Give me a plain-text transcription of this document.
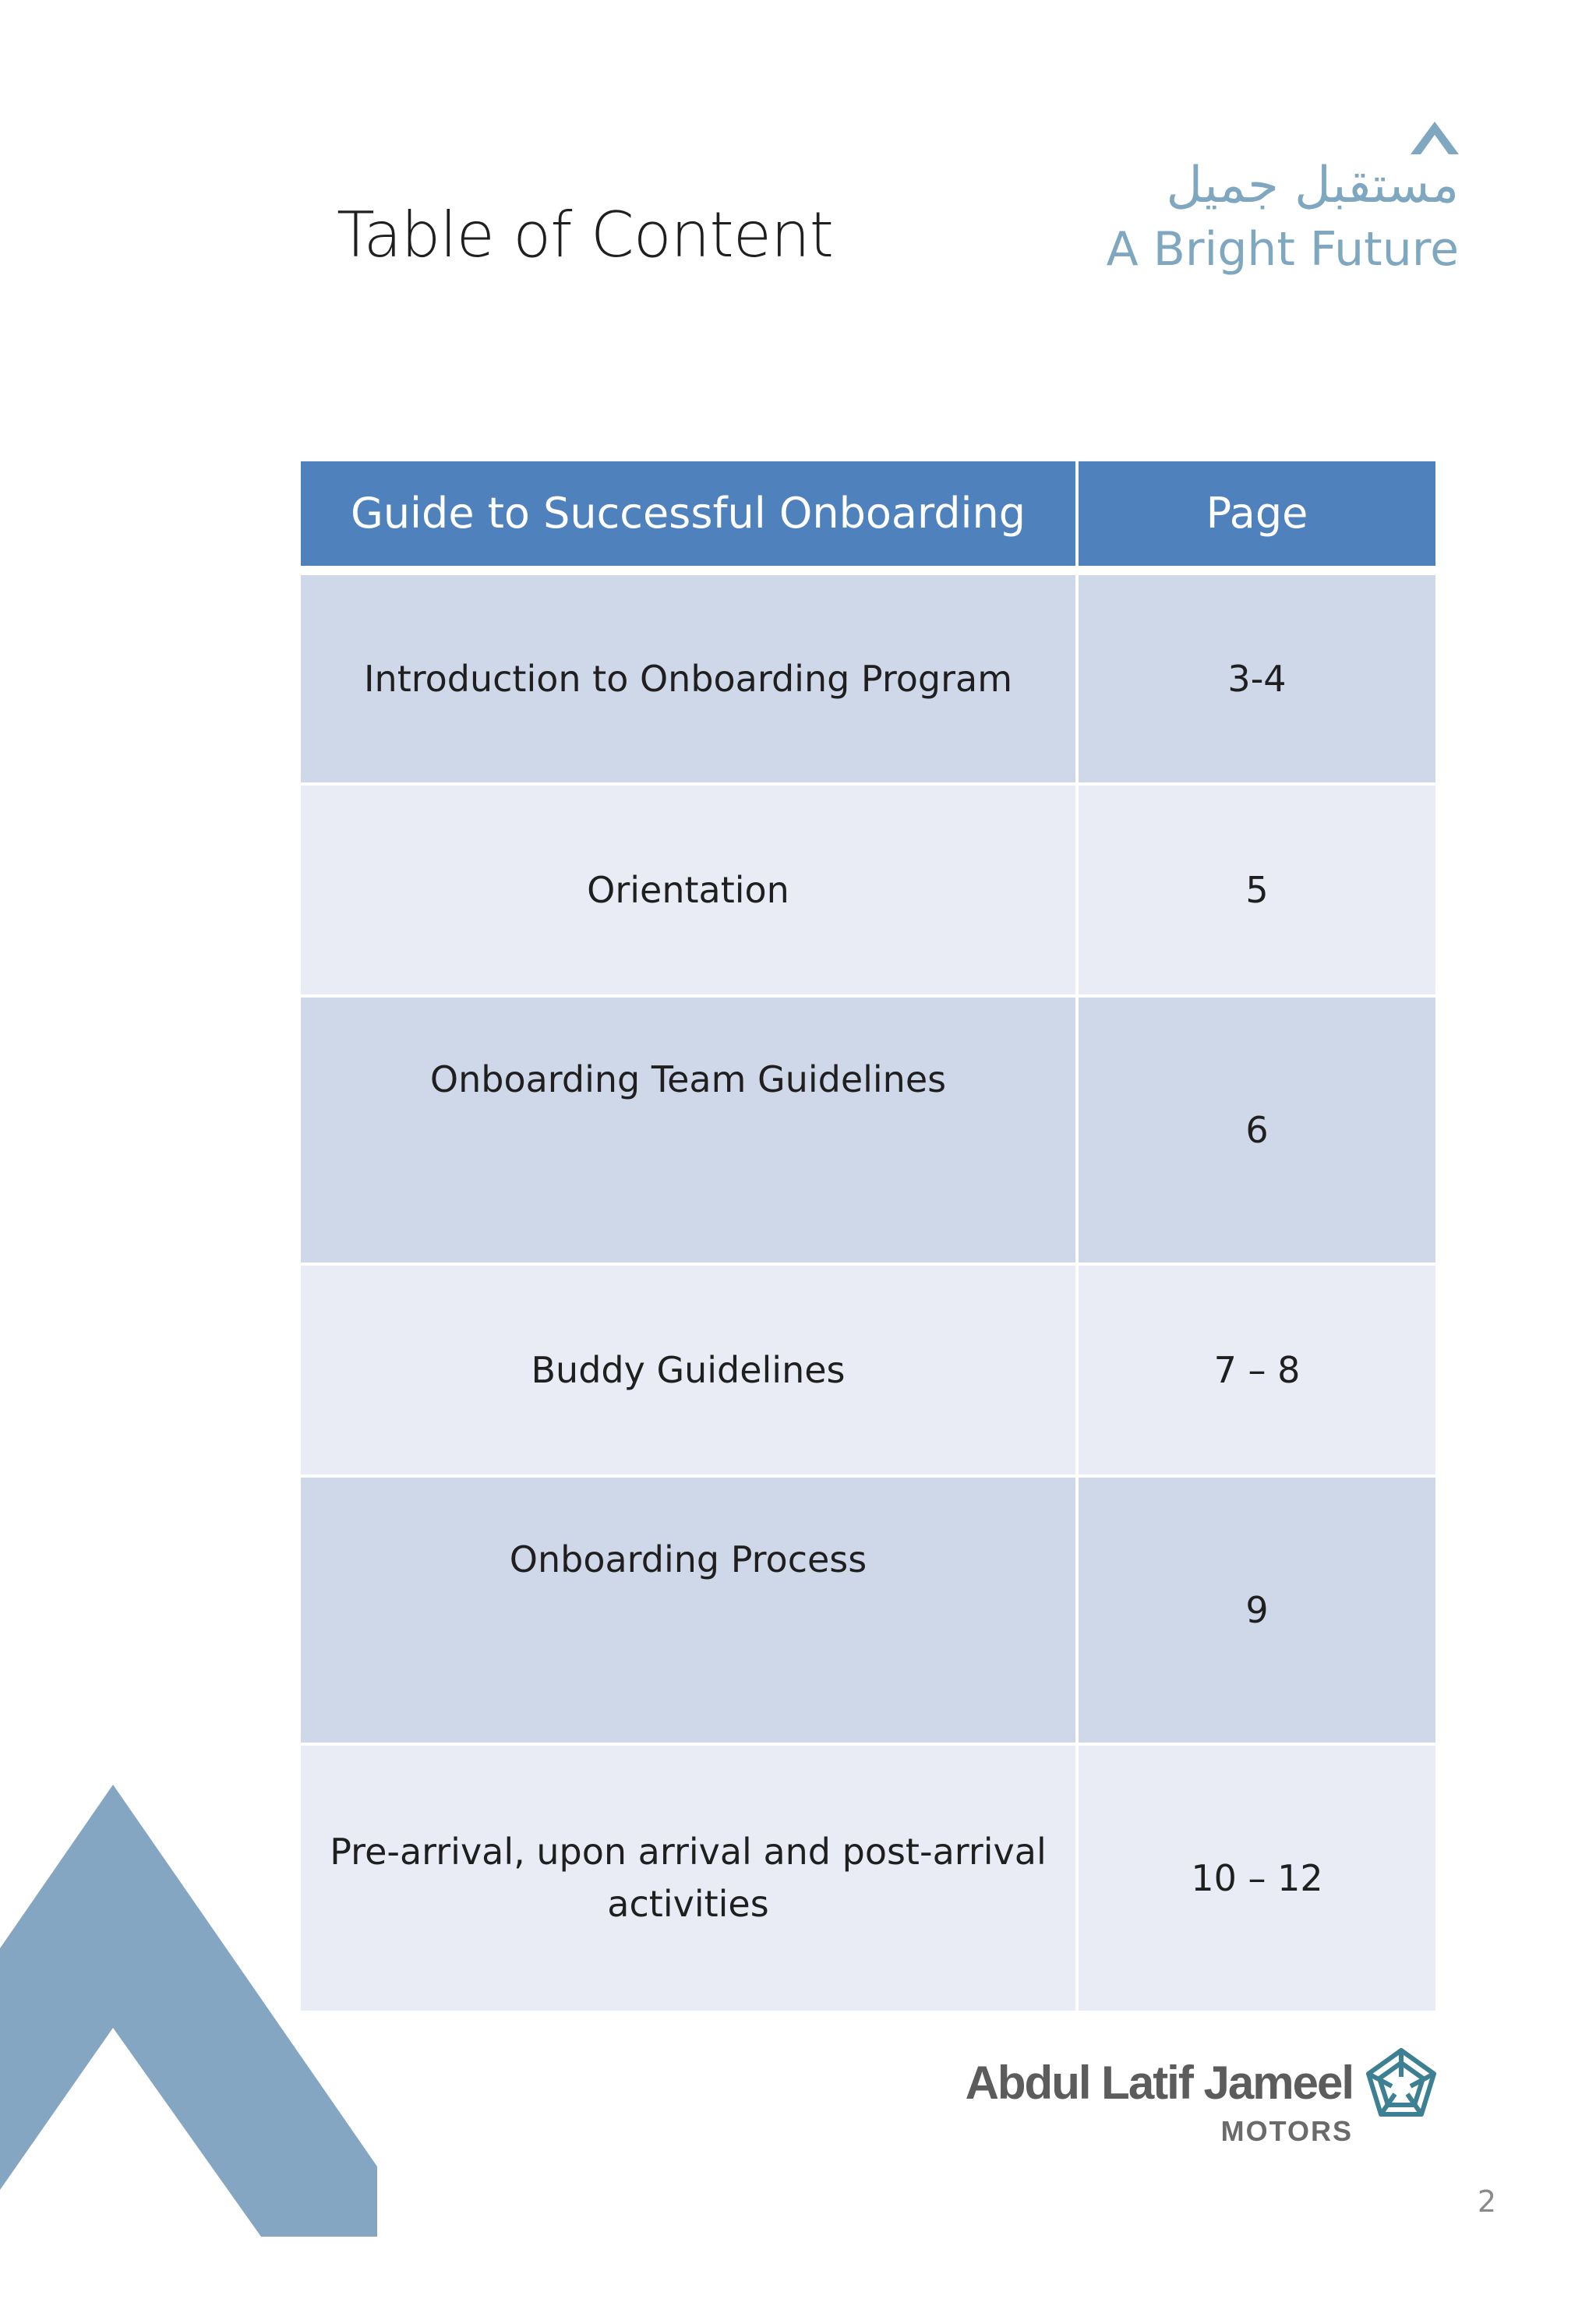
Table of Content
مستقبل جميل
A Bright Future
Guide to Successful Onboarding	Page
Introduction to Onboarding Program	3-4
Orientation	5
Onboarding Team Guidelines	6
Buddy Guidelines	7 – 8
Onboarding Process	9
Pre-arrival, upon arrival and post-arrival activities	10 – 12
Abdul Latif Jameel
MOTORS
2
